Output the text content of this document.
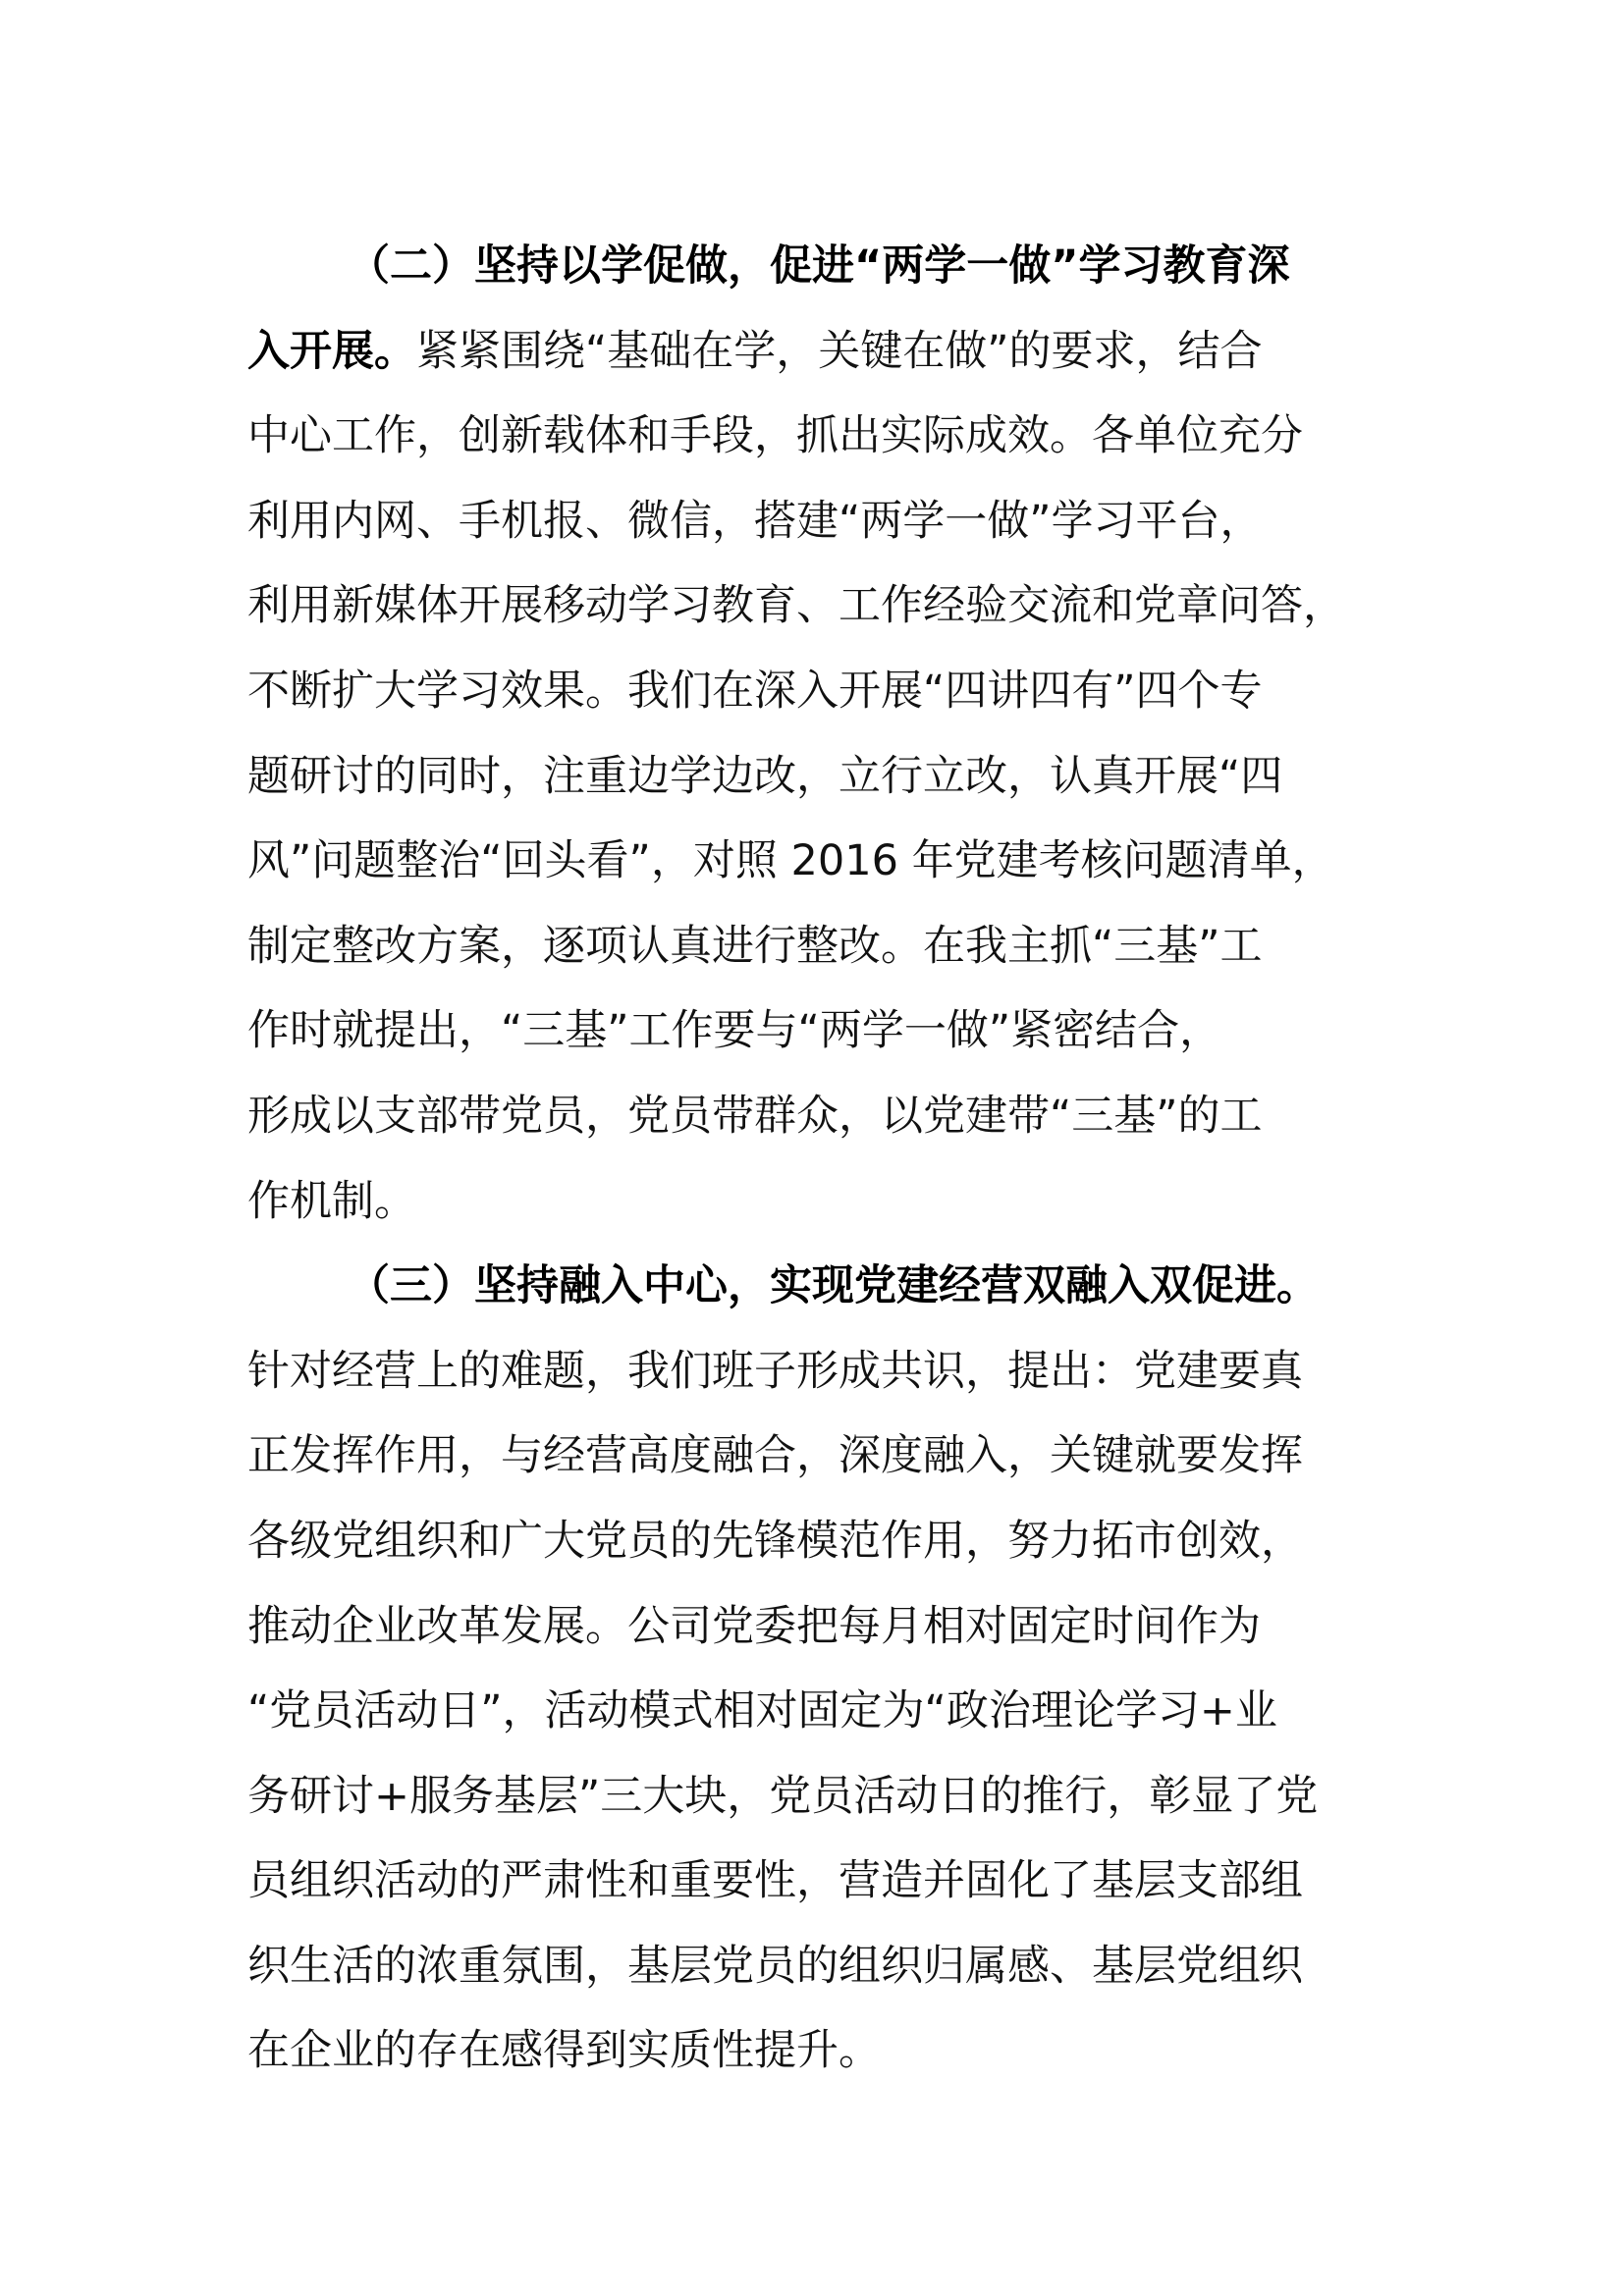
（二）坚持以学促做，促进“两学一做”学习教育深
入开展。紧紧围绕“基础在学，关键在做”的要求，结合
中心工作，创新载体和手段，抓出实际成效。各单位充分
利用内网、手机报、微信，搭建“两学一做”学习平台，
利用新媒体开展移动学习教育、工作经验交流和党章问答，
不断扩大学习效果。我们在深入开展“四讲四有”四个专
题研讨的同时，注重边学边改，立行立改，认真开展“四
风”问题整治“回头看”，对照 2016 年党建考核问题清单，
制定整改方案，逐项认真进行整改。在我主抓“三基”工
作时就提出，“三基”工作要与“两学一做”紧密结合，
形成以支部带党员，党员带群众，以党建带“三基”的工
作机制。
（三）坚持融入中心，实现党建经营双融入双促进。
针对经营上的难题，我们班子形成共识，提出：党建要真
正发挥作用，与经营高度融合，深度融入，关键就要发挥
各级党组织和广大党员的先锋模范作用，努力拓市创效，
推动企业改革发展。公司党委把每月相对固定时间作为
“党员活动日”，活动模式相对固定为“政治理论学习+业
务研讨+服务基层”三大块，党员活动日的推行，彰显了党
员组织活动的严肃性和重要性，营造并固化了基层支部组
织生活的浓重氛围，基层党员的组织归属感、基层党组织
在企业的存在感得到实质性提升。
